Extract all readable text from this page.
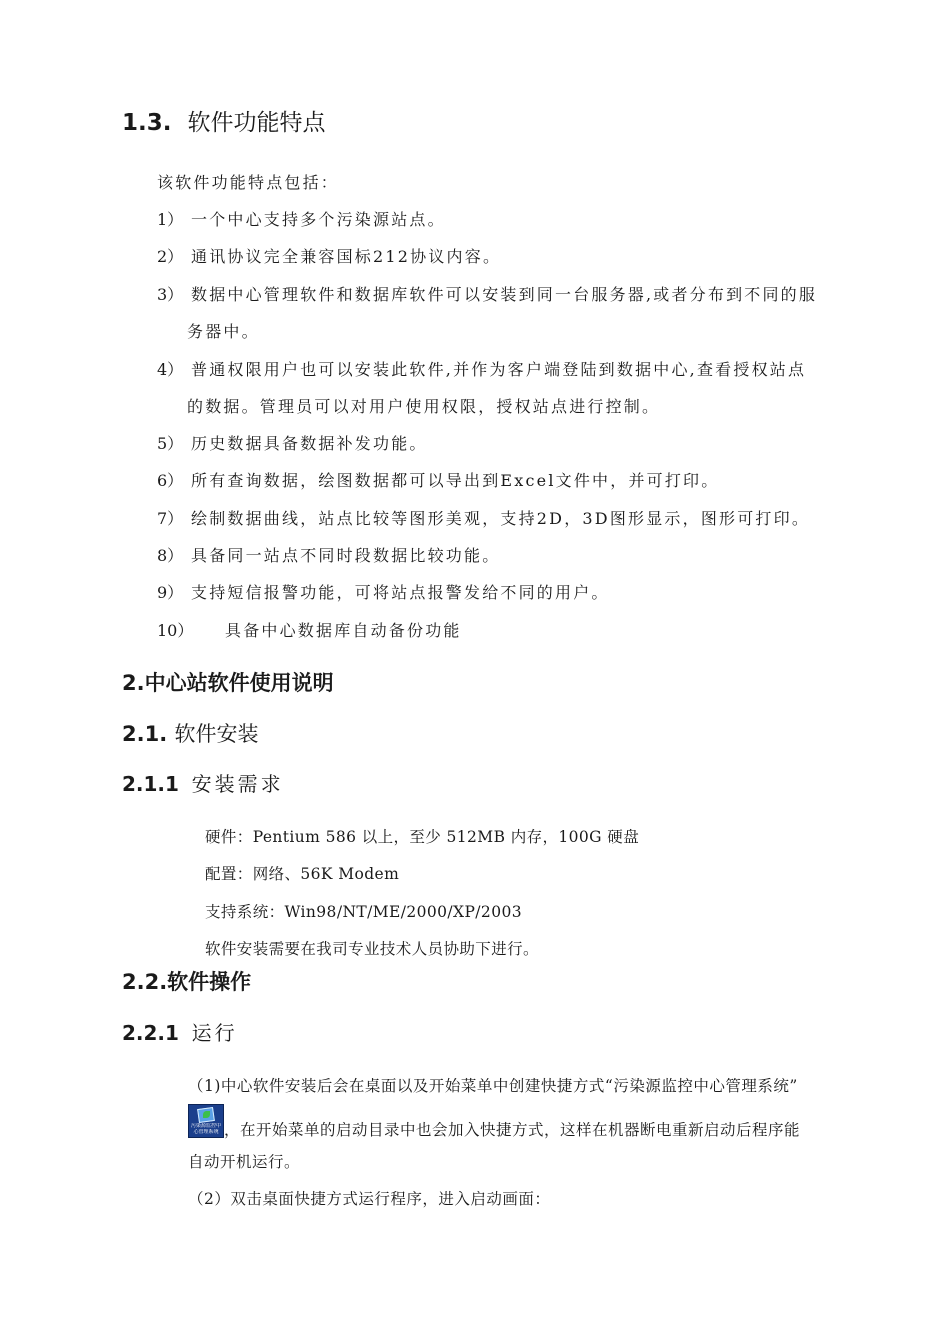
1.3. 软件功能特点
该软件功能特点包括：
1） 一个中心支持多个污染源站点。
2） 通讯协议完全兼容国标212协议内容。
3） 数据中心管理软件和数据库软件可以安装到同一台服务器,或者分布到不同的服
务器中。
4） 普通权限用户也可以安装此软件,并作为客户端登陆到数据中心,查看授权站点
的数据。管理员可以对用户使用权限，授权站点进行控制。
5） 历史数据具备数据补发功能。
6） 所有查询数据，绘图数据都可以导出到Excel文件中，并可打印。
7） 绘制数据曲线，站点比较等图形美观，支持2D，3D图形显示，图形可打印。
8） 具备同一站点不同时段数据比较功能。
9） 支持短信报警功能，可将站点报警发给不同的用户。
10） 具备中心数据库自动备份功能
2.中心站软件使用说明
2.1. 软件安装
2.1.1 安装需求
硬件：Pentium 586 以上，至少 512MB 内存，100G 硬盘
配置：网络、56K Modem
支持系统：Win98/NT/ME/2000/XP/2003
软件安装需要在我司专业技术人员协助下进行。
2.2.软件操作
2.2.1 运行
（1)中心软件安装后会在桌面以及开始菜单中创建快捷方式“污染源监控中心管理系统”
污染源监控中
心管理系统 ，在开始菜单的启动目录中也会加入快捷方式，这样在机器断电重新启动后程序能
自动开机运行。
（2）双击桌面快捷方式运行程序，进入启动画面：
